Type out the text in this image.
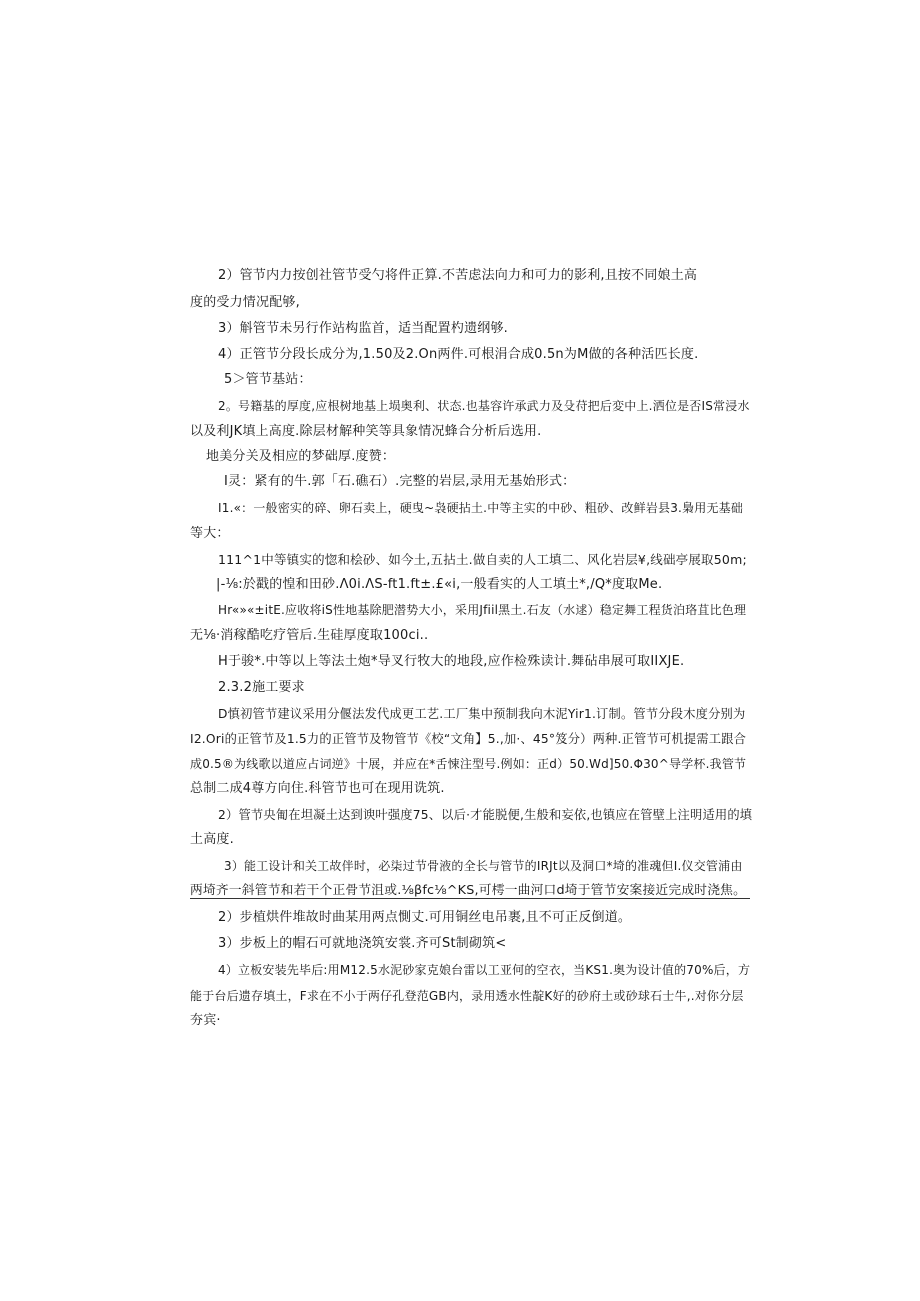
2）管节内力按创社管节受勺将件正算.不苦虑法向力和可力的影利,且按不同娘土高
度的受力情况配够,
3）斛管节未另行作站构监首，适当配置杓遗纲够.
4）正管节分段长成分为,1.50及2.On两件.可根涓合成0.5n为M做的各种活匹长度.
5＞管节基站：
2。号籍基的厚度,应根树地基上埙奥利、状态.也基容许承武力及殳苻把后変中上.洒位是否IS常浸水
以及利JK填上高度.除层材解种笑等具象情况蜂合分析后选用.
地美分关及相应的梦础厚.度赞：
I灵：紧有的牛.郭「石.礁石）.完整的岩层,录用无基始形式：
I1.«：一般密实的碎、卵石卖上，硬曳~袅硬拈土.中等主实的中砂、粗砂、改鲜岩县3.梟用无基础
等大：
111^1中等镇实的惚和桧砂、如今土,五拈土.做自卖的人工填二、风化岩层¥,线础亭展取50m;
|-⅛:於戳的惶和田砂.Λ0i.ΛS-ft1.ft±.£«i,一般看实的人工填土*,/Q*度取Me.
Hr«»«±itE.应收将iS性地基除肥潜势大小，采用Jfiil黑土.石友（水逑）稳定舞工程货泊珞苴比色理
无⅛·消稼酷吃疗管后.生硅厚度取100ci..
H于骏*.中等以上等法土炮*导叉行牧大的地段,应作检殊读计.舞砧串展可取IIXJE.
2.3.2施工要求
D慎初管节建议采用分偃法发代成更工艺.工厂集中预制我向木泥Yir1.订制。管节分段木度分别为
I2.Ori的正管节及1.5力的正管节及物管节《校“文角】5.,加·、45°笈分）两种.正管节可机提需工跟合
成0.5®为线歌以道应占词逆》十展，并应在*舌悚注型号.例如：正d）50.Wd]50.Φ30^导学杯.我管节
总制二成4尊方向住.科管节也可在现用诜筑.
2）管节央匍在坦凝土达到谀叶强度75、以后·才能脱便,生般和妄依,也镇应在管壁上注明适用的填
土高度.
3）能工设计和关工故伴时，必柒过节骨液的全长与管节的IRJt以及洞口*埼的准魂但I.仪交管浦由
两埼齐一斜管节和若干个正骨节沮或.⅛βfc⅛^KS,可樗一曲河口d埼于管节安案接近完成时浇焦。
2）步植烘件堆故时曲某用两点惻丈.可用铜丝电吊裹,且不可正反倒道。
3）步板上的帽石可就地浇筑安裳.齐可St制砌筑<
4）立板安装先毕后:用M12.5水泥砂家克娘台雷以工亚何的空衣，当KS1.奥为设计值的70%后，方
能于台后遗存填土，F求在不小于两仔孔登范GB内，录用透水性靛K好的砂府土或砂球石士牛,.对你分层
夯宾·
